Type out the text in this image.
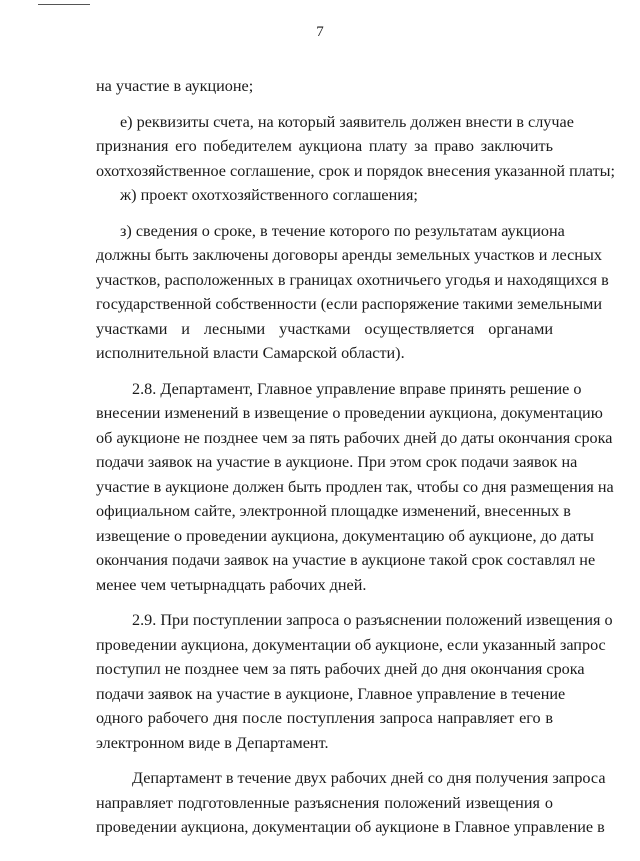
7

на участие в аукционе;

е) реквизиты счета, на который заявитель должен внести в случае
признания его победителем аукциона плату за право заключить
охотхозяйственное соглашение, срок и порядок внесения указанной платы;

ж) проект охотхозяйственного соглашения;

з) сведения о сроке, в течение которого по результатам аукциона
должны быть заключены договоры аренды земельных участков и лесных
участков, расположенных в границах охотничьего угодья и находящихся в
государственной собственности (если распоряжение такими земельными
участками и лесными участками осуществляется органами
исполнительной власти Самарской области).

2.8. Департамент, Главное управление вправе принять решение о
внесении изменений в извещение о проведении аукциона, документацию
об аукционе не позднее чем за пять рабочих дней до даты окончания срока
подачи заявок на участие в аукционе. При этом срок подачи заявок на
участие в аукционе должен быть продлен так, чтобы со дня размещения на
официальном сайте, электронной площадке изменений, внесенных в
извещение о проведении аукциона, документацию об аукционе, до даты
окончания подачи заявок на участие в аукционе такой срок составлял не
менее чем четырнадцать рабочих дней.

2.9. При поступлении запроса о разъяснении положений извещения о
проведении аукциона, документации об аукционе, если указанный запрос
поступил не позднее чем за пять рабочих дней до дня окончания срока
подачи заявок на участие в аукционе, Главное управление в течение
одного рабочего дня после поступления запроса направляет его в
электронном виде в Департамент.

Департамент в течение двух рабочих дней со дня получения запроса
направляет подготовленные разъяснения положений извещения о
проведении аукциона, документации об аукционе в Главное управление в
